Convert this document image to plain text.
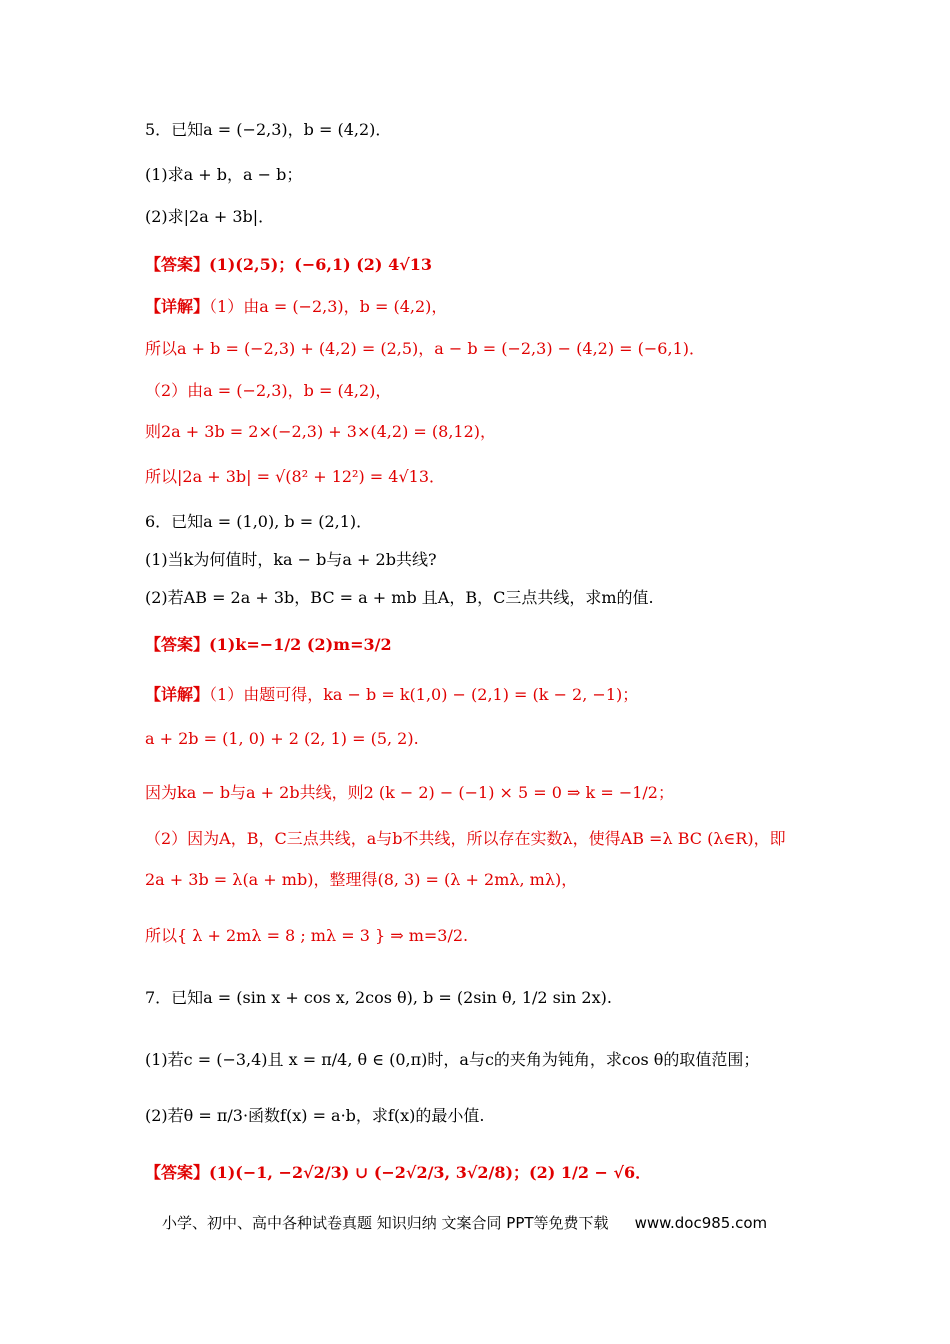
5．已知a = (−2,3)，b = (4,2)．
(1)求a + b，a − b；
(2)求|2a + 3b|．
【答案】(1)(2,5)；(−6,1) (2) 4√13
【详解】（1）由a = (−2,3)，b = (4,2)，
所以a + b = (−2,3) + (4,2) = (2,5)，a − b = (−2,3) − (4,2) = (−6,1)．
（2）由a = (−2,3)，b = (4,2)，
则2a + 3b = 2×(−2,3) + 3×(4,2) = (8,12)，
所以|2a + 3b| = √(8² + 12²) = 4√13．
6．已知a = (1,0), b = (2,1)．
(1)当k为何值时，ka − b与a + 2b共线?
(2)若AB = 2a + 3b，BC = a + mb 且A，B，C三点共线，求m的值.
【答案】(1)k=−1/2 (2)m=3/2
【详解】（1）由题可得，ka − b = k(1,0) − (2,1) = (k − 2, −1)；
a + 2b = (1, 0) + 2 (2, 1) = (5, 2).
因为ka − b与a + 2b共线，则2 (k − 2) − (−1) × 5 = 0 ⇒ k = −1/2；
（2）因为A，B，C三点共线，a与b不共线，所以存在实数λ，使得AB =λ BC (λ∈R)，即
2a + 3b = λ(a + mb)，整理得(8, 3) = (λ + 2mλ, mλ)，
所以{ λ + 2mλ = 8 ; mλ = 3 } ⇒ m=3/2.
7．已知a = (sin x + cos x, 2cos θ), b = (2sin θ, 1/2 sin 2x).
(1)若c = (−3,4)且 x = π/4, θ ∈ (0,π)时，a与c的夹角为钝角，求cos θ的取值范围；
(2)若θ = π/3·函数f(x) = a·b，求f(x)的最小值.
【答案】(1)(−1, −2√2/3) ∪ (−2√2/3, 3√2/8)；(2) 1/2 − √6．
小学、初中、高中各种试卷真题 知识归纳 文案合同 PPT等免费下载 www.doc985.com
